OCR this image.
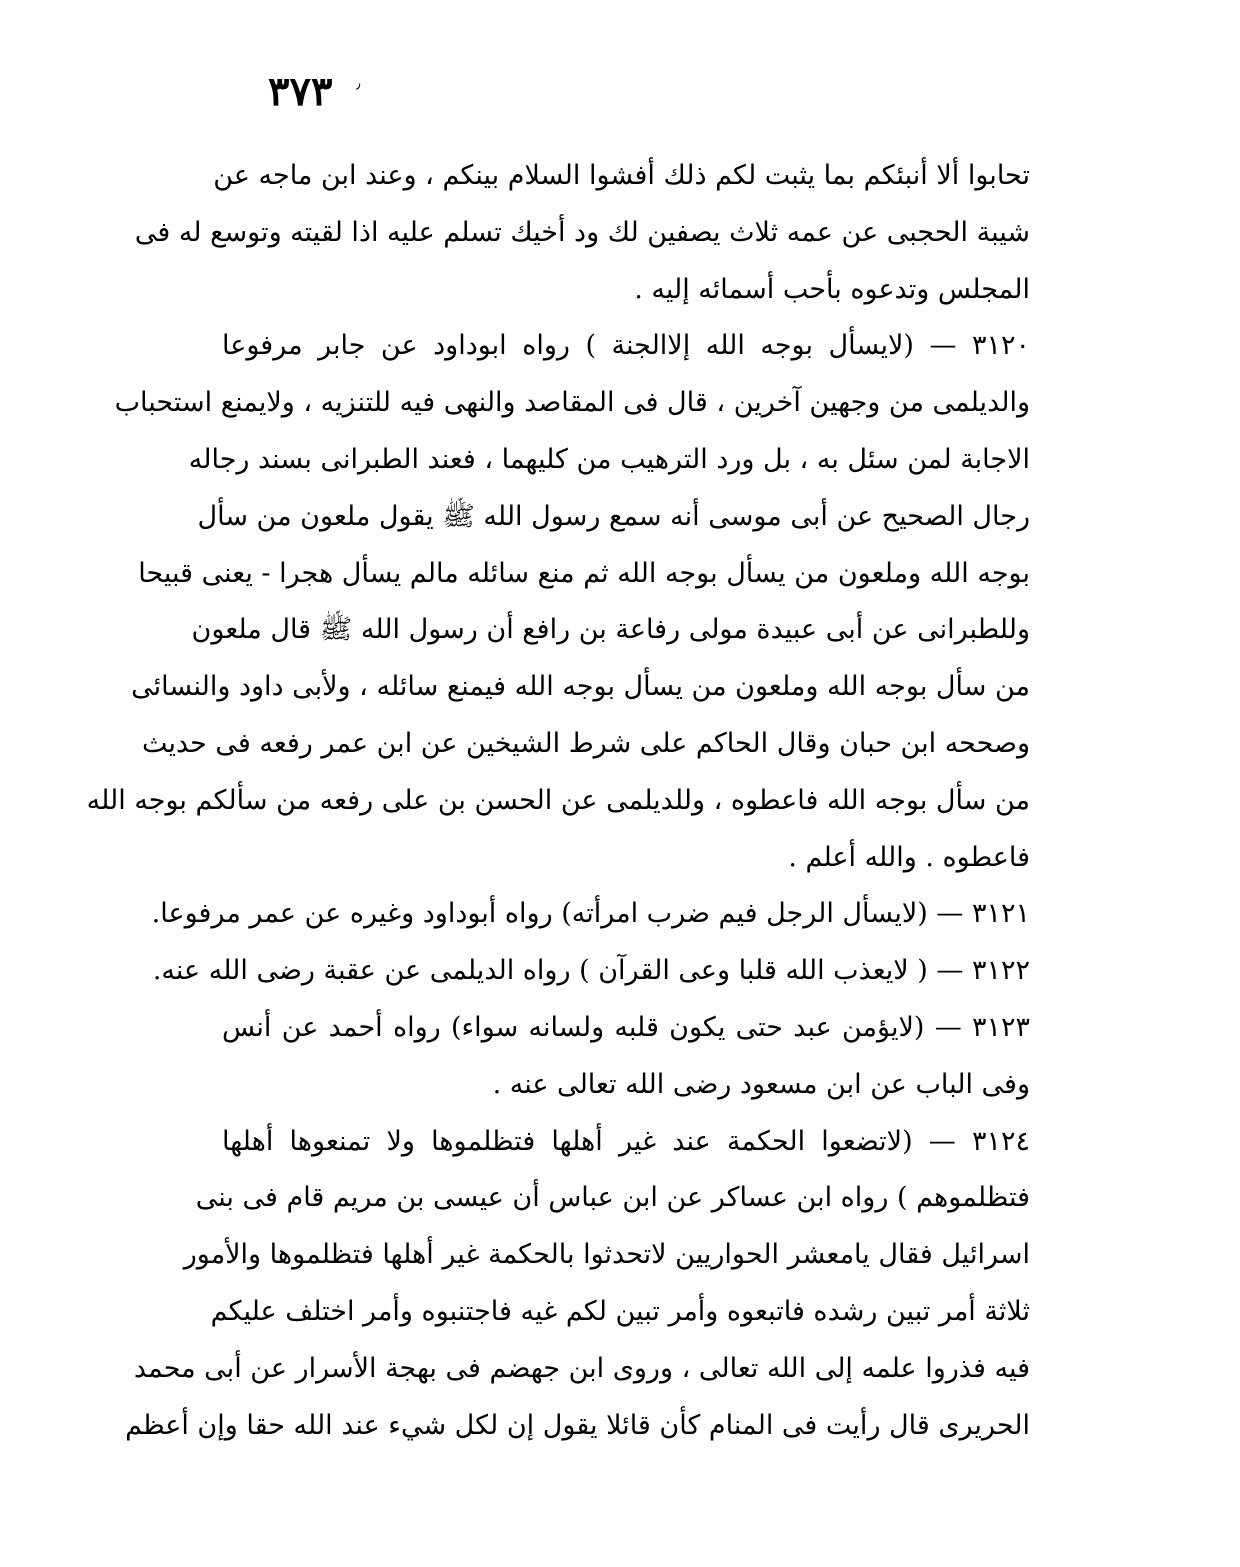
٣٧٣ ٫
تحابوا ألا أنبئكم بما يثبت لكم ذلك أفشوا السلام بينكم ، وعند ابن ماجه عن
شيبة الحجبى عن عمه ثلاث يصفين لك ود أخيك تسلم عليه اذا لقيته وتوسع له فى
المجلس وتدعوه بأحب أسمائه إليه .
٣١٢٠ — (لايسأل بوجه الله إلاالجنة ) رواه ابوداود عن جابر مرفوعا
والديلمى من وجهين آخرين ، قال فى المقاصد والنهى فيه للتنزيه ، ولايمنع استحباب
الاجابة لمن سئل به ، بل ورد الترهيب من كليهما ، فعند الطبرانى بسند رجاله
رجال الصحيح عن أبى موسى أنه سمع رسول الله ﷺ يقول ملعون من سأل
بوجه الله وملعون من يسأل بوجه الله ثم منع سائله مالم يسأل هجرا - يعنى قبيحا
وللطبرانى عن أبى عبيدة مولى رفاعة بن رافع أن رسول الله ﷺ قال ملعون
من سأل بوجه الله وملعون من يسأل بوجه الله فيمنع سائله ، ولأبى داود والنسائى
وصححه ابن حبان وقال الحاكم على شرط الشيخين عن ابن عمر رفعه فى حديث
من سأل بوجه الله فاعطوه ، وللديلمى عن الحسن بن على رفعه من سألكم بوجه الله
فاعطوه . والله أعلم .
٣١٢١ — (لايسأل الرجل فيم ضرب امرأته) رواه أبوداود وغيره عن عمر مرفوعا.
٣١٢٢ — ( لايعذب الله قلبا وعى القرآن ) رواه الديلمى عن عقبة رضى الله عنه.
٣١٢٣ — (لايؤمن عبد حتى يكون قلبه ولسانه سواء) رواه أحمد عن أنس
وفى الباب عن ابن مسعود رضى الله تعالى عنه .
٣١٢٤ — (لاتضعوا الحكمة عند غير أهلها فتظلموها ولا تمنعوها أهلها
فتظلموهم ) رواه ابن عساكر عن ابن عباس أن عيسى بن مريم قام فى بنى
اسرائيل فقال يامعشر الحواريين لاتحدثوا بالحكمة غير أهلها فتظلموها والأمور
ثلاثة أمر تبين رشده فاتبعوه وأمر تبين لكم غيه فاجتنبوه وأمر اختلف عليكم
فيه فذروا علمه إلى الله تعالى ، وروى ابن جهضم فى بهجة الأسرار عن أبى محمد
الحريرى قال رأيت فى المنام كأن قائلا يقول إن لكل شيء عند الله حقا وإن أعظم
